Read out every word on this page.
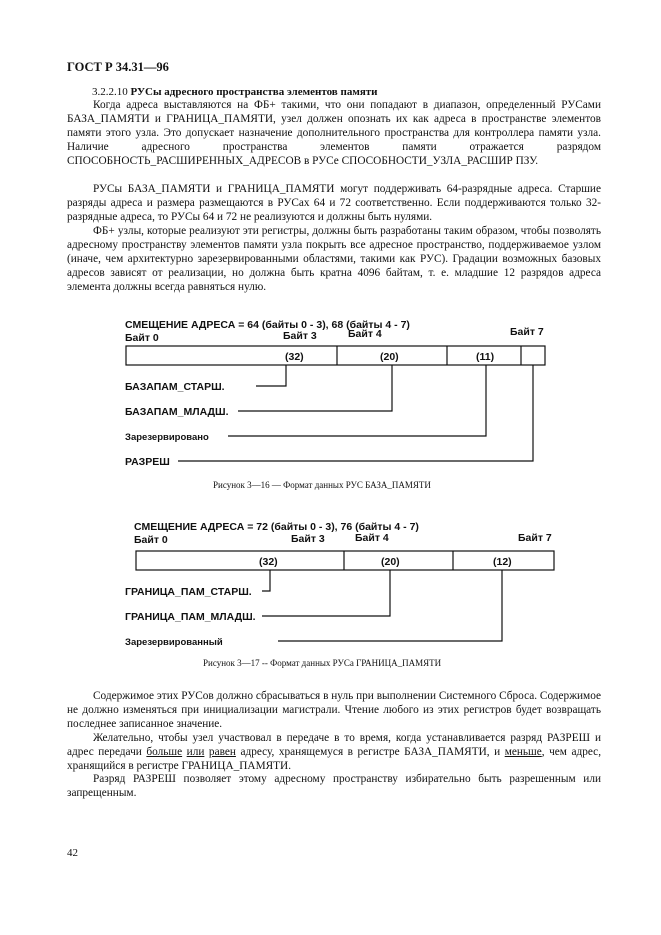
ГОСТ Р 34.31—96
3.2.2.10 РУСы адресного пространства элементов памяти

Когда адреса выставляются на ФБ+ такими, что они попадают в диапазон, определенный РУСами БАЗА_ПАМЯТИ и ГРАНИЦА_ПАМЯТИ, узел должен опознать их как адреса в пространстве элементов памяти этого узла. Это допускает назначение дополнительного пространства для контроллера памяти узла. Наличие адресного пространства элементов памяти отражается разрядом СПОСОБНОСТЬ_РАСШИРЕННЫХ_АДРЕСОВ в РУСе СПОСОБНОСТИ_УЗЛА_РАСШИР ПЗУ.

РУСы БАЗА_ПАМЯТИ и ГРАНИЦА_ПАМЯТИ могут поддерживать 64-разрядные адреса. Старшие разряды адреса и размера размещаются в РУСах 64 и 72 соответственно. Если поддерживаются только 32-разрядные адреса, то РУСы 64 и 72 не реализуются и должны быть нулями.

ФБ+ узлы, которые реализуют эти регистры, должны быть разработаны таким образом, чтобы позволять адресному пространству элементов памяти узла покрыть все адресное пространство, поддерживаемое узлом (иначе, чем архитектурно зарезервированными областями, такими как РУС). Градации возможных базовых адресов зависят от реализации, но должна быть кратна 4096 байтам, т. е. младшие 12 разрядов адреса элемента должны всегда равняться нулю.

СМЕЩЕНИЕ АДРЕСА = 64 (байты 0 - 3), 68 (байты 4 - 7)
Байт 0	Байт 3	Байт 4	Байт 7
(32)	(20)	(11)
БАЗАПАМ_СТАРШ.
БАЗАПАМ_МЛАДШ.
Зарезервировано
РАЗРЕШ
Рисунок 3—16 — Формат данных РУС БАЗА_ПАМЯТИ
СМЕЩЕНИЕ АДРЕСА = 72 (байты 0 - 3), 76 (байты 4 - 7)
Байт 0	Байт 3	Байт 4	Байт 7
(32)	(20)	(12)
ГРАНИЦА_ПАМ_СТАРШ.
ГРАНИЦА_ПАМ_МЛАДШ.
Зарезервированный
Рисунок 3—17 -- Формат данных РУСа ГРАНИЦА_ПАМЯТИ

Содержимое этих РУСов должно сбрасываться в нуль при выполнении Системного Сброса. Содержимое не должно изменяться при инициализации магистрали. Чтение любого из этих регистров будет возвращать последнее записанное значение.

Желательно, чтобы узел участвовал в передаче в то время, когда устанавливается разряд РАЗРЕШ и адрес передачи больше или равен адресу, хранящемуся в регистре БАЗА_ПАМЯТИ, и меньше, чем адрес, хранящийся в регистре ГРАНИЦА_ПАМЯТИ.

Разряд РАЗРЕШ позволяет этому адресному пространству избирательно быть разрешенным или запрещенным.

42
